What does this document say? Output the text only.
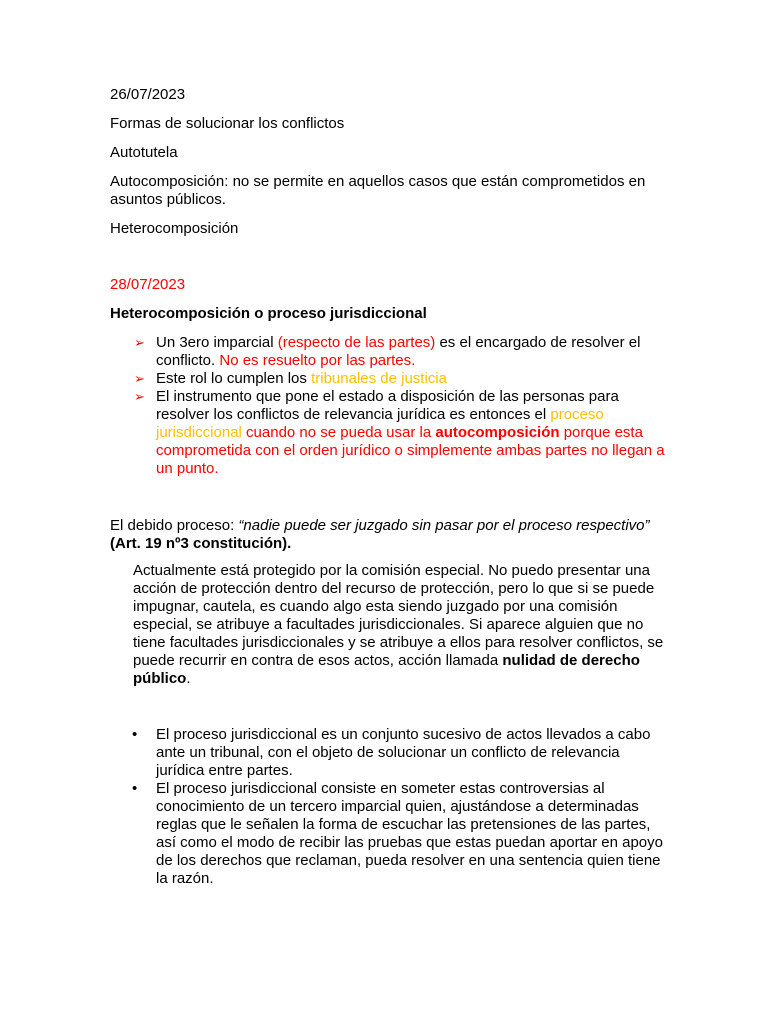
26/07/2023

Formas de solucionar los conflictos

Autotutela

Autocomposición: no se permite en aquellos casos que están comprometidos en asuntos públicos.

Heterocomposición

28/07/2023

Heterocomposición o proceso jurisdiccional

➢ Un 3ero imparcial (respecto de las partes) es el encargado de resolver el conflicto. No es resuelto por las partes.
➢ Este rol lo cumplen los tribunales de justicia
➢ El instrumento que pone el estado a disposición de las personas para resolver los conflictos de relevancia jurídica es entonces el proceso jurisdiccional cuando no se pueda usar la autocomposición porque esta comprometida con el orden jurídico o simplemente ambas partes no llegan a un punto.

El debido proceso: “nadie puede ser juzgado sin pasar por el proceso respectivo” (Art. 19 nº3 constitución).

Actualmente está protegido por la comisión especial. No puedo presentar una acción de protección dentro del recurso de protección, pero lo que si se puede impugnar, cautela, es cuando algo esta siendo juzgado por una comisión especial, se atribuye a facultades jurisdiccionales. Si aparece alguien que no tiene facultades jurisdiccionales y se atribuye a ellos para resolver conflictos, se puede recurrir en contra de esos actos, acción llamada nulidad de derecho público.

• El proceso jurisdiccional es un conjunto sucesivo de actos llevados a cabo ante un tribunal, con el objeto de solucionar un conflicto de relevancia jurídica entre partes.
• El proceso jurisdiccional consiste en someter estas controversias al conocimiento de un tercero imparcial quien, ajustándose a determinadas reglas que le señalen la forma de escuchar las pretensiones de las partes, así como el modo de recibir las pruebas que estas puedan aportar en apoyo de los derechos que reclaman, pueda resolver en una sentencia quien tiene la razón.
